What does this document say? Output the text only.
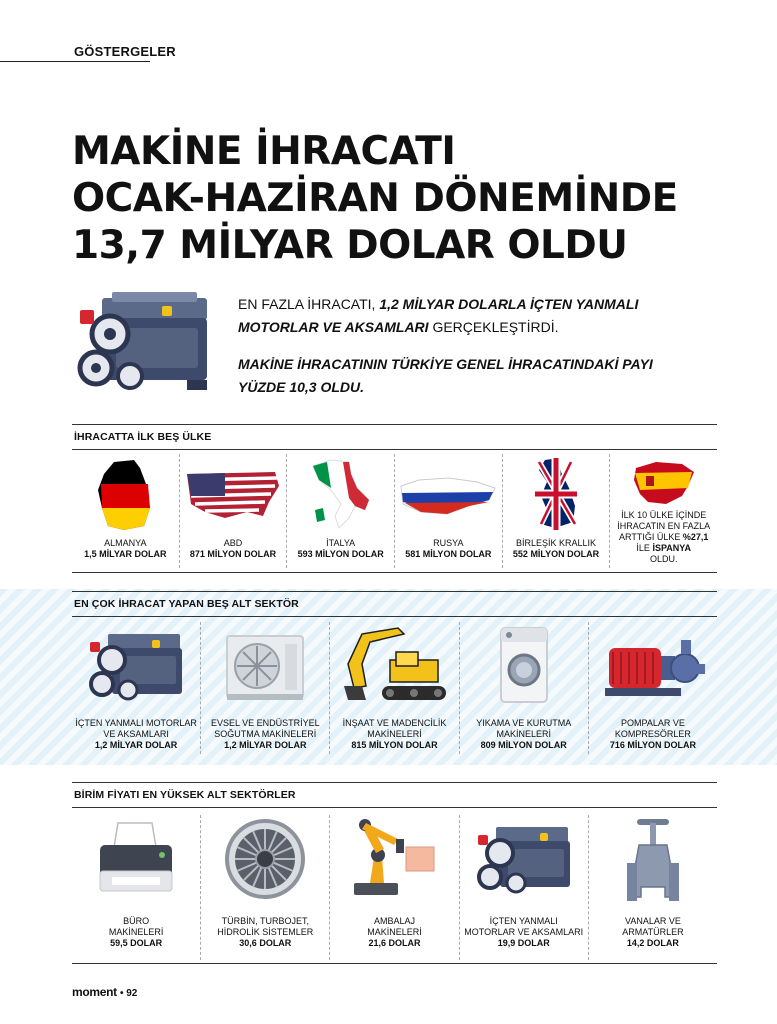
GÖSTERGELER
MAKİNE İHRACATI
OCAK-HAZİRAN DÖNEMİNDE
13,7 MİLYAR DOLAR OLDU
EN FAZLA İHRACATI, 1,2 MİLYAR DOLARLA İÇTEN YANMALI
MOTORLAR VE AKSAMLARI GERÇEKLEŞTİRDİ.
MAKİNE İHRACATININ TÜRKİYE GENEL İHRACATINDAKİ PAYI
YÜZDE 10,3 OLDU.
İHRACATTA İLK BEŞ ÜLKE
ALMANYA
1,5 MİLYAR DOLAR
ABD
871 MİLYON DOLAR
İTALYA
593 MİLYON DOLAR
RUSYA
581 MİLYON DOLAR
BİRLEŞİK KRALLIK
552 MİLYON DOLAR
İLK 10 ÜLKE İÇİNDE
İHRACATIN EN FAZLA
ARTTIĞI ÜLKE %27,1
İLE İSPANYA
OLDU.
EN ÇOK İHRACAT YAPAN BEŞ ALT SEKTÖR
İÇTEN YANMALI MOTORLAR
VE AKSAMLARI
1,2 MİLYAR DOLAR
EVSEL VE ENDÜSTRİYEL
SOĞUTMA MAKİNELERİ
1,2 MİLYAR DOLAR
İNŞAAT VE MADENCİLİK
MAKİNELERİ
815 MİLYON DOLAR
YIKAMA VE KURUTMA
MAKİNELERİ
809 MİLYON DOLAR
POMPALAR VE
KOMPRESÖRLER
716 MİLYON DOLAR
BİRİM FİYATI EN YÜKSEK ALT SEKTÖRLER
BÜRO
MAKİNELERİ
59,5 DOLAR
TÜRBİN, TURBOJET,
HİDROLİK SİSTEMLER
30,6 DOLAR
AMBALAJ
MAKİNELERİ
21,6 DOLAR
İÇTEN YANMALI
MOTORLAR VE AKSAMLARI
19,9 DOLAR
VANALAR VE
ARMATÜRLER
14,2 DOLAR
moment • 92
